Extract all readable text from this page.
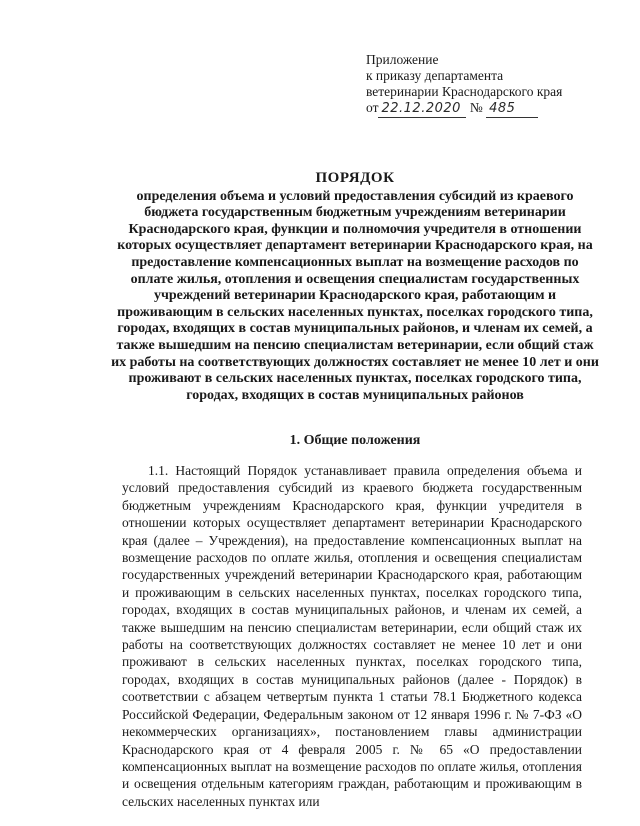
Приложение
к приказу департамента
ветеринарии Краснодарского края
от 22.12.2020 № 485
ПОРЯДОК
определения объема и условий предоставления субсидий из краевого бюджета государственным бюджетным учреждениям ветеринарии Краснодарского края, функции и полномочия учредителя в отношении которых осуществляет департамент ветеринарии Краснодарского края, на предоставление компенсационных выплат на возмещение расходов по оплате жилья, отопления и освещения специалистам государственных учреждений ветеринарии Краснодарского края, работающим и проживающим в сельских населенных пунктах, поселках городского типа, городах, входящих в состав муниципальных районов, и членам их семей, а также вышедшим на пенсию специалистам ветеринарии, если общий стаж их работы на соответствующих должностях составляет не менее 10 лет и они проживают в сельских населенных пунктах, поселках городского типа, городах, входящих в состав муниципальных районов
1. Общие положения
1.1. Настоящий Порядок устанавливает правила определения объема и условий предоставления субсидий из краевого бюджета государственным бюджетным учреждениям Краснодарского края, функции учредителя в отношении которых осуществляет департамент ветеринарии Краснодарского края (далее – Учреждения), на предоставление компенсационных выплат на возмещение расходов по оплате жилья, отопления и освещения специалистам государственных учреждений ветеринарии Краснодарского края, работающим и проживающим в сельских населенных пунктах, поселках городского типа, городах, входящих в состав муниципальных районов, и членам их семей, а также вышедшим на пенсию специалистам ветеринарии, если общий стаж их работы на соответствующих должностях составляет не менее 10 лет и они проживают в сельских населенных пунктах, поселках городского типа, городах, входящих в состав муниципальных районов (далее - Порядок) в соответствии с абзацем четвертым пункта 1 статьи 78.1 Бюджетного кодекса Российской Федерации, Федеральным законом от 12 января 1996 г. № 7-ФЗ «О некоммерческих организациях», постановлением главы администрации Краснодарского края от 4 февраля 2005 г. № 65 «О предоставлении компенсационных выплат на возмещение расходов по оплате жилья, отопления и освещения отдельным категориям граждан, работающим и проживающим в сельских населенных пунктах или
